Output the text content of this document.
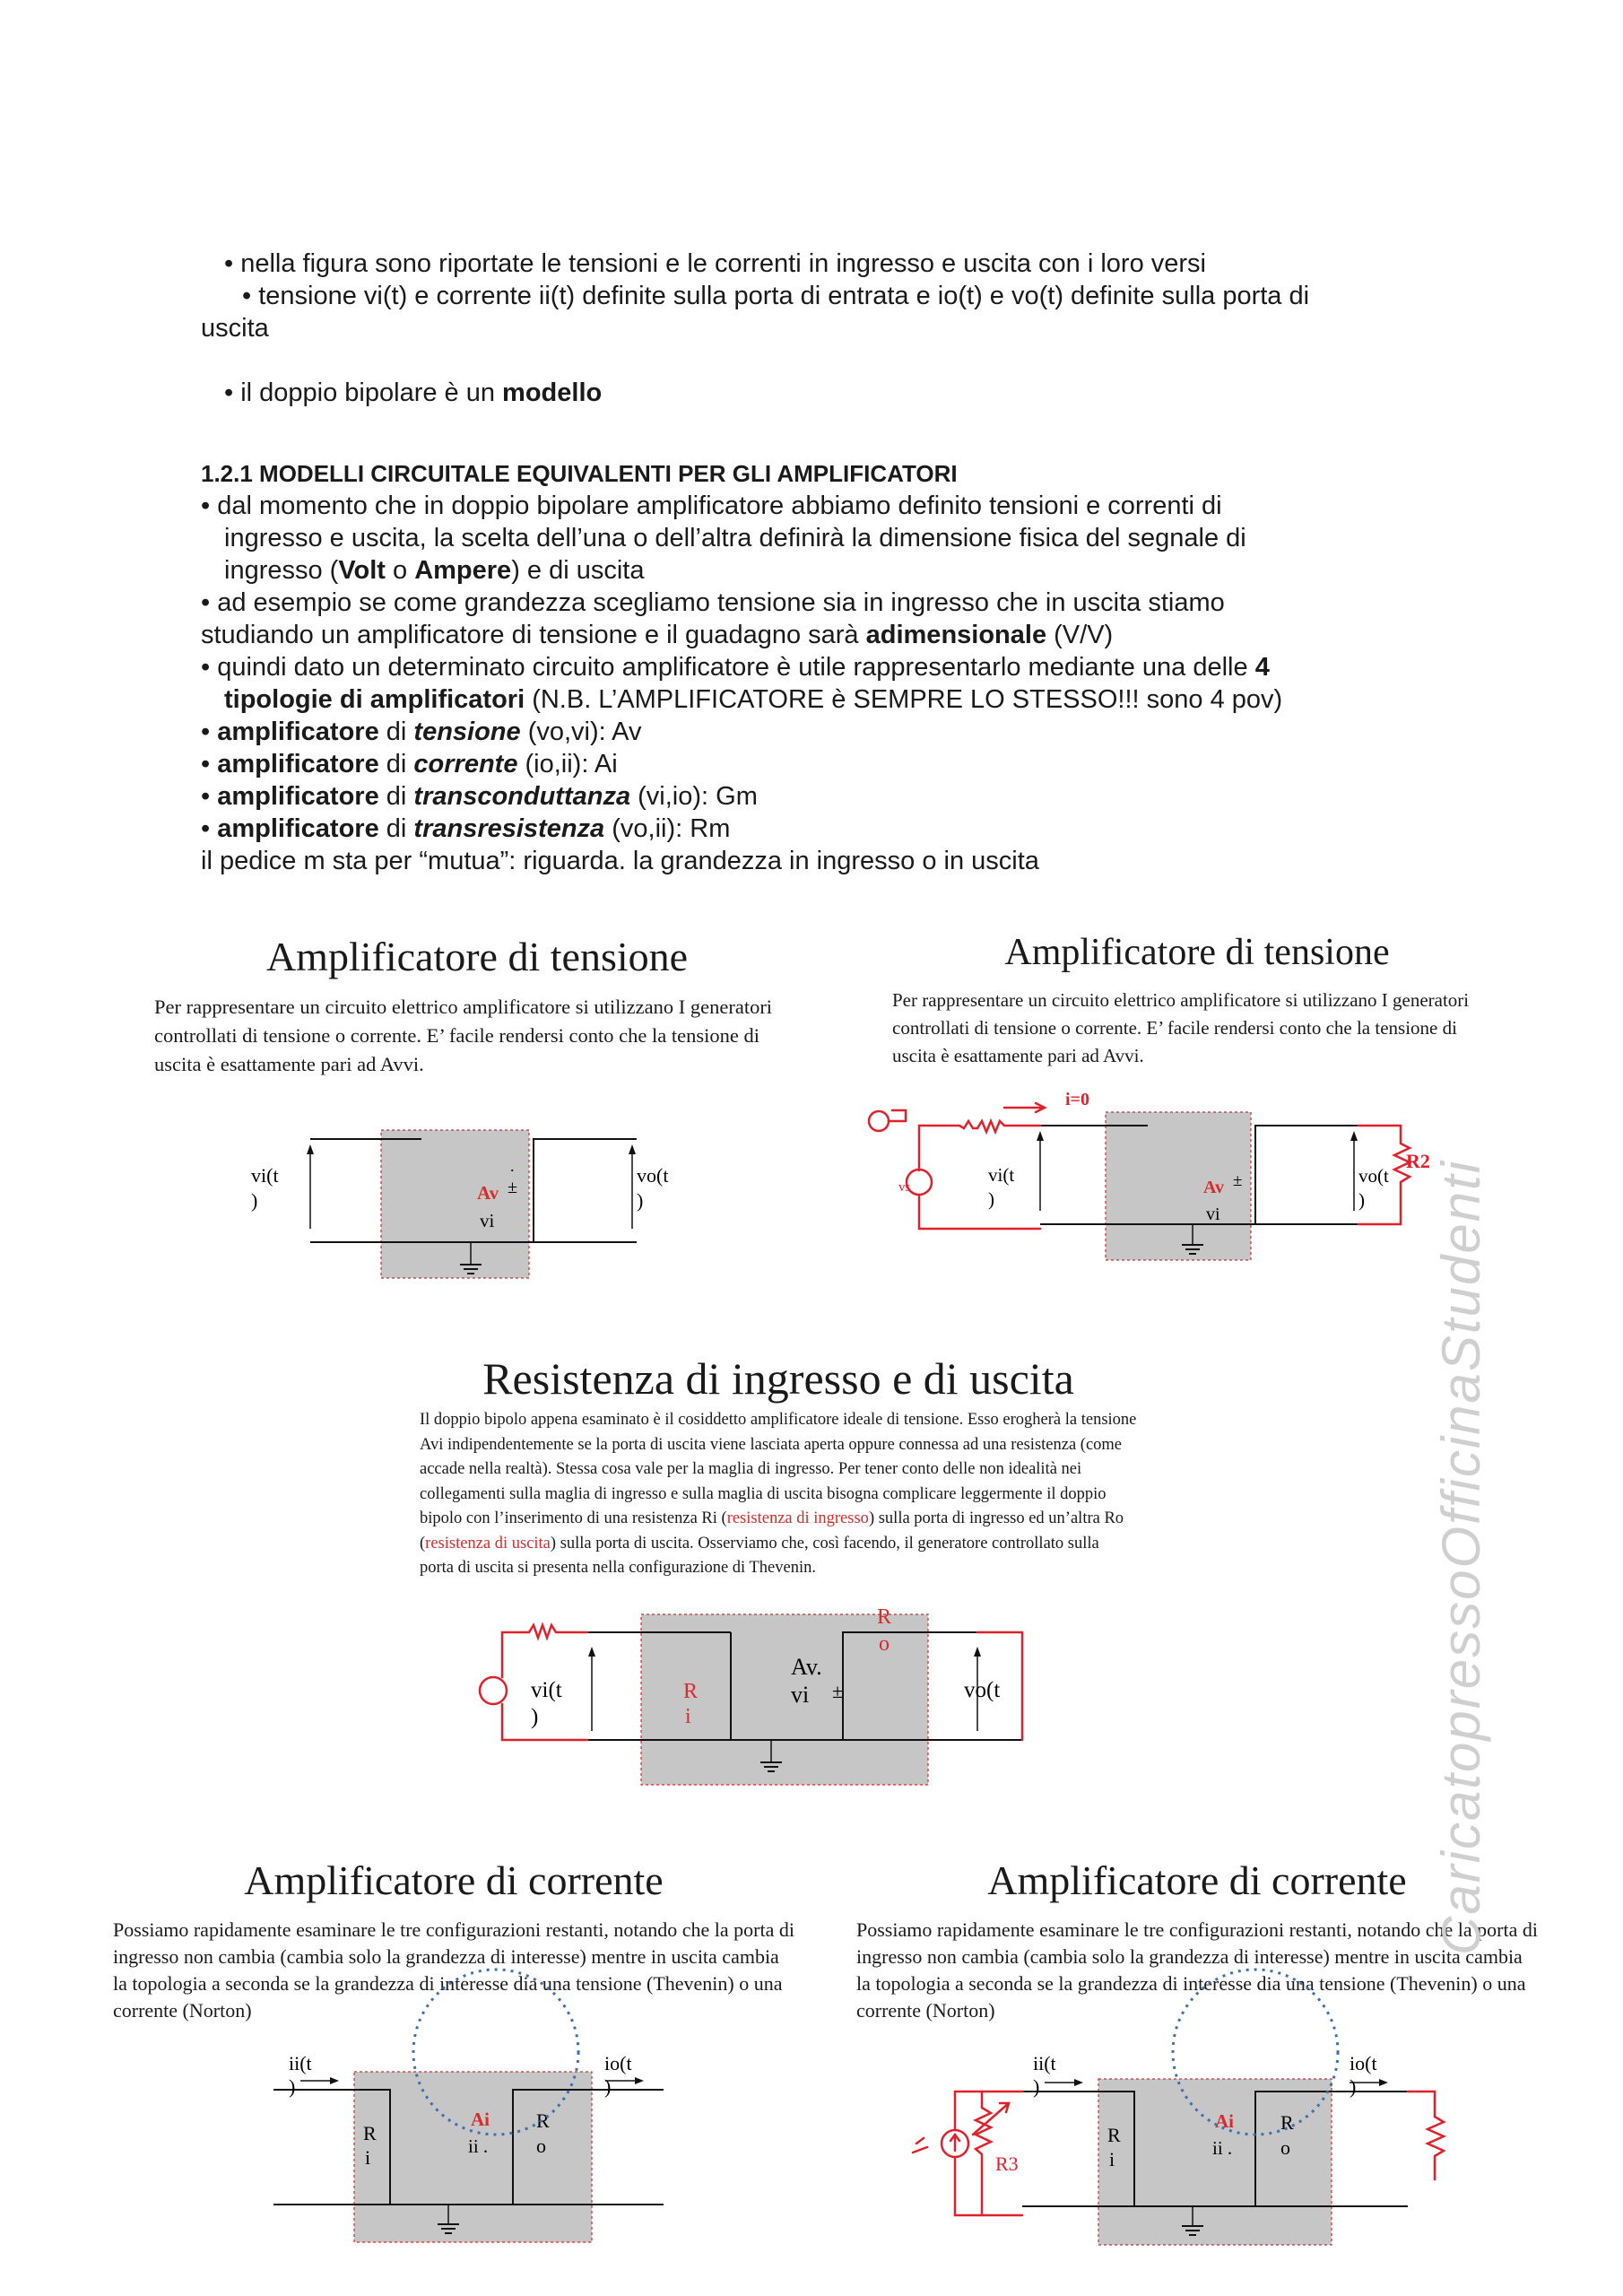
• nella figura sono riportate le tensioni e le correnti in ingresso e uscita con i loro versi

• tensione vi(t) e corrente ii(t) definite sulla porta di entrata e io(t) e vo(t) definite sulla porta di

uscita

• il doppio bipolare è un modello

1.2.1 MODELLI CIRCUITALE EQUIVALENTI PER GLI AMPLIFICATORI

• dal momento che in doppio bipolare amplificatore abbiamo definito tensioni e correnti di

ingresso e uscita, la scelta dell’una o dell’altra definirà la dimensione fisica del segnale di

ingresso (Volt o Ampere) e di uscita

• ad esempio se come grandezza scegliamo tensione sia in ingresso che in uscita stiamo

studiando un amplificatore di tensione e il guadagno sarà adimensionale (V/V)

• quindi dato un determinato circuito amplificatore è utile rappresentarlo mediante una delle 4

tipologie di amplificatori (N.B. L’AMPLIFICATORE è SEMPRE LO STESSO!!! sono 4 pov)

• amplificatore di tensione (vo,vi): Av

• amplificatore di corrente (io,ii): Ai

• amplificatore di transconduttanza (vi,io): Gm

• amplificatore di transresistenza (vo,ii): Rm

il pedice m sta per “mutua”: riguarda. la grandezza in ingresso o in uscita

Amplificatore di tensione

Per rappresentare un circuito elettrico amplificatore si utilizzano I generatori controllati di tensione o corrente. E’ facile rendersi conto che la tensione di uscita è esattamente pari ad Avvi.

vi(t
)
vo(t
)
Av
vi
±
.
Amplificatore di tensione

Per rappresentare un circuito elettrico amplificatore si utilizzano I generatori controllati di tensione o corrente. E’ facile rendersi conto che la tensione di uscita è esattamente pari ad Avvi.

vi(t
)
vo(t
)
Av
vi
±
i=0
R2
vs
Resistenza di ingresso e di uscita

Il doppio bipolo appena esaminato è il cosiddetto amplificatore ideale di tensione. Esso erogherà la tensione Avi indipendentemente se la porta di uscita viene lasciata aperta oppure connessa ad una resistenza (come accade nella realtà). Stessa cosa vale per la maglia di ingresso. Per tener conto delle non idealità nei collegamenti sulla maglia di ingresso e sulla maglia di uscita bisogna complicare leggermente il doppio bipolo con l’inserimento di una resistenza Ri (resistenza di ingresso) sulla porta di ingresso ed un’altra Ro (resistenza di uscita) sulla porta di uscita. Osserviamo che, così facendo, il generatore controllato sulla porta di uscita si presenta nella configurazione di Thevenin.

vi(t
)
vo(t
R
i
R
o
Av.
vi ±
Amplificatore di corrente

Possiamo rapidamente esaminare le tre configurazioni restanti, notando che la porta di ingresso non cambia (cambia solo la grandezza di interesse) mentre in uscita cambia la topologia a seconda se la grandezza di interesse dia una tensione (Thevenin) o una corrente (Norton)

ii(t
)
io(t
)
R
i
R
o
Ai
ii .
Amplificatore di corrente

Possiamo rapidamente esaminare le tre configurazioni restanti, notando che la porta di ingresso non cambia (cambia solo la grandezza di interesse) mentre in uscita cambia la topologia a seconda se la grandezza di interesse dia una tensione (Thevenin) o una corrente (Norton)

ii(t
)
io(t
)
R
i
R
o
Ai
ii .
R3
CaricatopressoOfficinaStudenti
